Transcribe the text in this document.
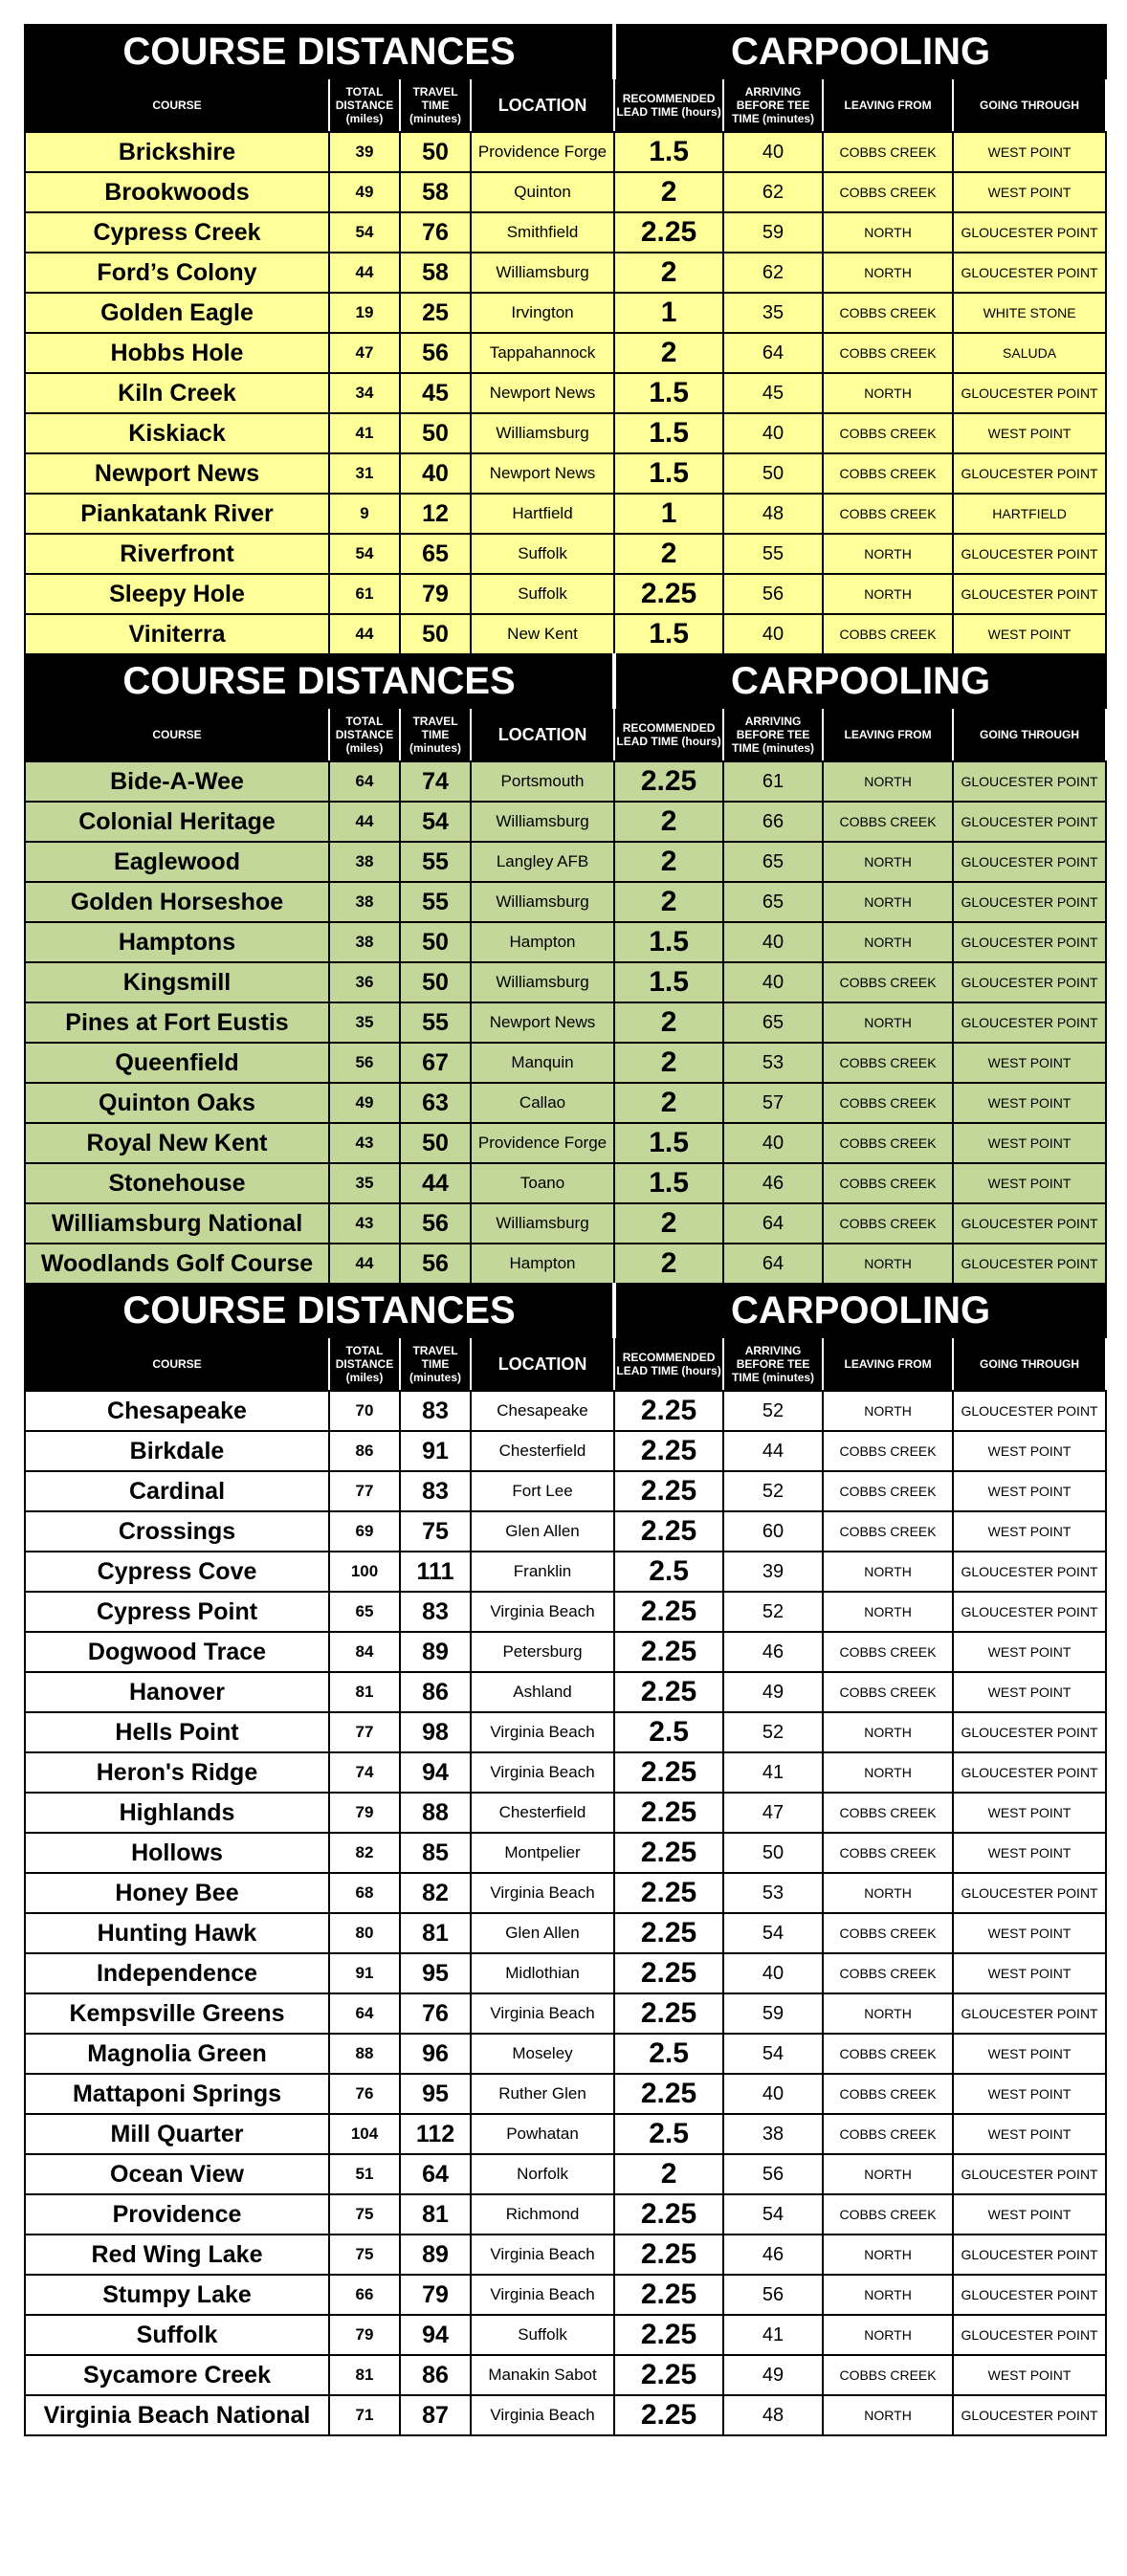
COURSE DISTANCES				CARPOOLING			
COURSE	TOTAL DISTANCE (miles)	TRAVEL TIME (minutes)	LOCATION	RECOMMENDED LEAD TIME (hours)	ARRIVING BEFORE TEE TIME (minutes)	LEAVING FROM	GOING THROUGH
Brickshire	39	50	Providence Forge	1.5	40	COBBS CREEK	WEST POINT
Brookwoods	49	58	Quinton	2	62	COBBS CREEK	WEST POINT
Cypress Creek	54	76	Smithfield	2.25	59	NORTH	GLOUCESTER POINT
Ford’s Colony	44	58	Williamsburg	2	62	NORTH	GLOUCESTER POINT
Golden Eagle	19	25	Irvington	1	35	COBBS CREEK	WHITE STONE
Hobbs Hole	47	56	Tappahannock	2	64	COBBS CREEK	SALUDA
Kiln Creek	34	45	Newport News	1.5	45	NORTH	GLOUCESTER POINT
Kiskiack	41	50	Williamsburg	1.5	40	COBBS CREEK	WEST POINT
Newport News	31	40	Newport News	1.5	50	COBBS CREEK	GLOUCESTER POINT
Piankatank River	9	12	Hartfield	1	48	COBBS CREEK	HARTFIELD
Riverfront	54	65	Suffolk	2	55	NORTH	GLOUCESTER POINT
Sleepy Hole	61	79	Suffolk	2.25	56	NORTH	GLOUCESTER POINT
Viniterra	44	50	New Kent	1.5	40	COBBS CREEK	WEST POINT
COURSE DISTANCES				CARPOOLING			
COURSE	TOTAL DISTANCE (miles)	TRAVEL TIME (minutes)	LOCATION	RECOMMENDED LEAD TIME (hours)	ARRIVING BEFORE TEE TIME (minutes)	LEAVING FROM	GOING THROUGH
Bide-A-Wee	64	74	Portsmouth	2.25	61	NORTH	GLOUCESTER POINT
Colonial Heritage	44	54	Williamsburg	2	66	COBBS CREEK	GLOUCESTER POINT
Eaglewood	38	55	Langley AFB	2	65	NORTH	GLOUCESTER POINT
Golden Horseshoe	38	55	Williamsburg	2	65	NORTH	GLOUCESTER POINT
Hamptons	38	50	Hampton	1.5	40	NORTH	GLOUCESTER POINT
Kingsmill	36	50	Williamsburg	1.5	40	COBBS CREEK	GLOUCESTER POINT
Pines at Fort Eustis	35	55	Newport News	2	65	NORTH	GLOUCESTER POINT
Queenfield	56	67	Manquin	2	53	COBBS CREEK	WEST POINT
Quinton Oaks	49	63	Callao	2	57	COBBS CREEK	WEST POINT
Royal New Kent	43	50	Providence Forge	1.5	40	COBBS CREEK	WEST POINT
Stonehouse	35	44	Toano	1.5	46	COBBS CREEK	WEST POINT
Williamsburg National	43	56	Williamsburg	2	64	COBBS CREEK	GLOUCESTER POINT
Woodlands Golf Course	44	56	Hampton	2	64	NORTH	GLOUCESTER POINT
COURSE DISTANCES				CARPOOLING			
COURSE	TOTAL DISTANCE (miles)	TRAVEL TIME (minutes)	LOCATION	RECOMMENDED LEAD TIME (hours)	ARRIVING BEFORE TEE TIME (minutes)	LEAVING FROM	GOING THROUGH
Chesapeake	70	83	Chesapeake	2.25	52	NORTH	GLOUCESTER POINT
Birkdale	86	91	Chesterfield	2.25	44	COBBS CREEK	WEST POINT
Cardinal	77	83	Fort Lee	2.25	52	COBBS CREEK	WEST POINT
Crossings	69	75	Glen Allen	2.25	60	COBBS CREEK	WEST POINT
Cypress Cove	100	111	Franklin	2.5	39	NORTH	GLOUCESTER POINT
Cypress Point	65	83	Virginia Beach	2.25	52	NORTH	GLOUCESTER POINT
Dogwood Trace	84	89	Petersburg	2.25	46	COBBS CREEK	WEST POINT
Hanover	81	86	Ashland	2.25	49	COBBS CREEK	WEST POINT
Hells Point	77	98	Virginia Beach	2.5	52	NORTH	GLOUCESTER POINT
Heron's Ridge	74	94	Virginia Beach	2.25	41	NORTH	GLOUCESTER POINT
Highlands	79	88	Chesterfield	2.25	47	COBBS CREEK	WEST POINT
Hollows	82	85	Montpelier	2.25	50	COBBS CREEK	WEST POINT
Honey Bee	68	82	Virginia Beach	2.25	53	NORTH	GLOUCESTER POINT
Hunting Hawk	80	81	Glen Allen	2.25	54	COBBS CREEK	WEST POINT
Independence	91	95	Midlothian	2.25	40	COBBS CREEK	WEST POINT
Kempsville Greens	64	76	Virginia Beach	2.25	59	NORTH	GLOUCESTER POINT
Magnolia Green	88	96	Moseley	2.5	54	COBBS CREEK	WEST POINT
Mattaponi Springs	76	95	Ruther Glen	2.25	40	COBBS CREEK	WEST POINT
Mill Quarter	104	112	Powhatan	2.5	38	COBBS CREEK	WEST POINT
Ocean View	51	64	Norfolk	2	56	NORTH	GLOUCESTER POINT
Providence	75	81	Richmond	2.25	54	COBBS CREEK	WEST POINT
Red Wing Lake	75	89	Virginia Beach	2.25	46	NORTH	GLOUCESTER POINT
Stumpy Lake	66	79	Virginia Beach	2.25	56	NORTH	GLOUCESTER POINT
Suffolk	79	94	Suffolk	2.25	41	NORTH	GLOUCESTER POINT
Sycamore Creek	81	86	Manakin Sabot	2.25	49	COBBS CREEK	WEST POINT
Virginia Beach National	71	87	Virginia Beach	2.25	48	NORTH	GLOUCESTER POINT
